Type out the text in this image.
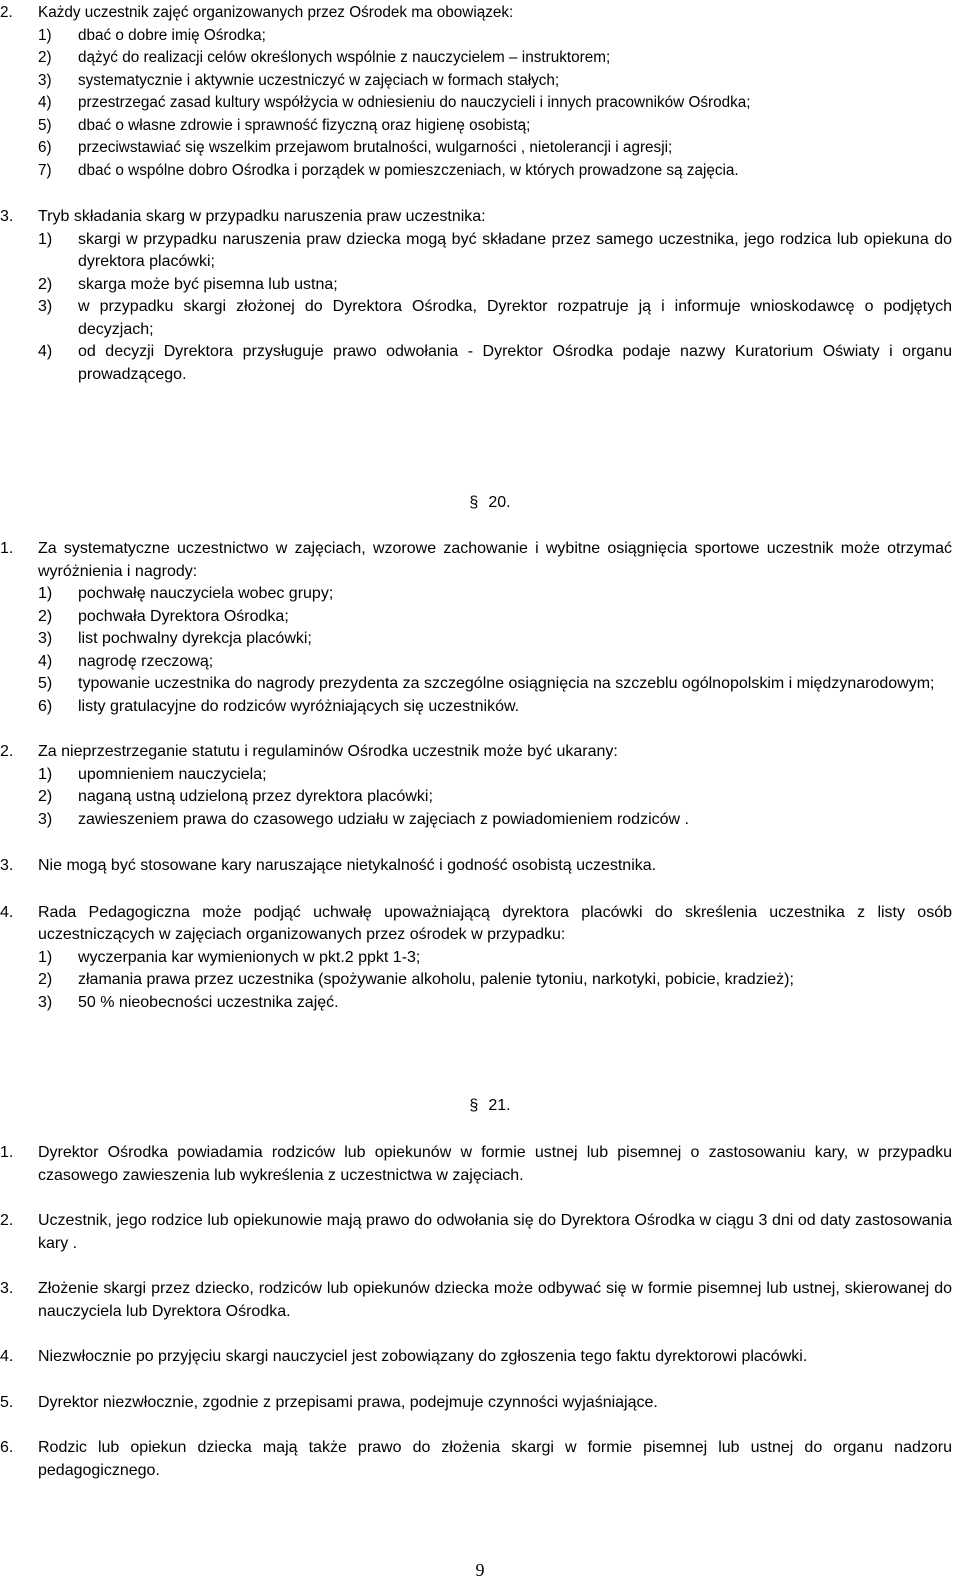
2.	Każdy uczestnik zajęć organizowanych przez Ośrodek ma obowiązek:
1)	dbać o dobre imię Ośrodka;
2)	dążyć do realizacji celów określonych wspólnie z nauczycielem – instruktorem;
3)	systematycznie i aktywnie uczestniczyć w zajęciach w formach stałych;
4)	przestrzegać zasad kultury współżycia w odniesieniu do nauczycieli i innych pracowników Ośrodka;
5)	dbać o własne zdrowie i sprawność fizyczną oraz higienę osobistą;
6)	przeciwstawiać się wszelkim przejawom brutalności, wulgarności , nietolerancji i agresji;
7)	dbać o wspólne dobro Ośrodka i porządek w pomieszczeniach, w których prowadzone są zajęcia.
3.	Tryb składania skarg w przypadku naruszenia praw uczestnika:
1)	skargi w przypadku naruszenia praw dziecka mogą być składane przez samego uczestnika, jego rodzica lub opiekuna do dyrektora placówki;
2)	skarga może być pisemna lub ustna;
3)	w przypadku skargi złożonej do Dyrektora Ośrodka, Dyrektor rozpatruje ją i informuje wnioskodawcę o podjętych decyzjach;
4)	od decyzji Dyrektora przysługuje prawo odwołania - Dyrektor Ośrodka podaje nazwy Kuratorium Oświaty i organu prowadzącego.
§ 20.
1.	Za systematyczne uczestnictwo w zajęciach, wzorowe zachowanie i wybitne osiągnięcia sportowe uczestnik może otrzymać wyróżnienia i nagrody:
1)	pochwałę nauczyciela wobec grupy;
2)	pochwała Dyrektora Ośrodka;
3)	list pochwalny dyrekcja placówki;
4)	nagrodę rzeczową;
5)	typowanie uczestnika do nagrody prezydenta za szczególne osiągnięcia na szczeblu ogólnopolskim i międzynarodowym;
6)	listy gratulacyjne do rodziców wyróżniających się uczestników.
2.	Za nieprzestrzeganie statutu i regulaminów Ośrodka uczestnik może być ukarany:
1)	upomnieniem nauczyciela;
2)	naganą ustną udzieloną przez dyrektora placówki;
3)	zawieszeniem prawa do czasowego udziału w zajęciach z powiadomieniem rodziców .
3.	Nie mogą być stosowane kary naruszające nietykalność i godność osobistą uczestnika.
4.	Rada Pedagogiczna może podjąć uchwałę upoważniającą dyrektora placówki do skreślenia uczestnika z listy osób uczestniczących w zajęciach organizowanych przez ośrodek w przypadku:
1)	wyczerpania kar wymienionych w pkt.2 ppkt 1-3;
2)	złamania prawa przez uczestnika (spożywanie alkoholu, palenie tytoniu, narkotyki, pobicie, kradzież);
3)	50 % nieobecności uczestnika zajęć.
§ 21.
1.	Dyrektor Ośrodka powiadamia rodziców lub opiekunów w formie ustnej lub pisemnej o zastosowaniu kary, w przypadku czasowego zawieszenia lub wykreślenia z uczestnictwa w zajęciach.
2.	Uczestnik, jego rodzice lub opiekunowie mają prawo do odwołania się do Dyrektora Ośrodka w ciągu 3 dni od daty zastosowania kary .
3.	Złożenie skargi przez dziecko, rodziców lub opiekunów dziecka może odbywać się w formie pisemnej lub ustnej, skierowanej do nauczyciela lub Dyrektora Ośrodka.
4.	Niezwłocznie po przyjęciu skargi nauczyciel jest zobowiązany do zgłoszenia tego faktu dyrektorowi placówki.
5.	Dyrektor niezwłocznie, zgodnie z przepisami prawa, podejmuje czynności wyjaśniające.
6.	Rodzic lub opiekun dziecka mają także prawo do złożenia skargi w formie pisemnej lub ustnej do organu nadzoru pedagogicznego.
9
